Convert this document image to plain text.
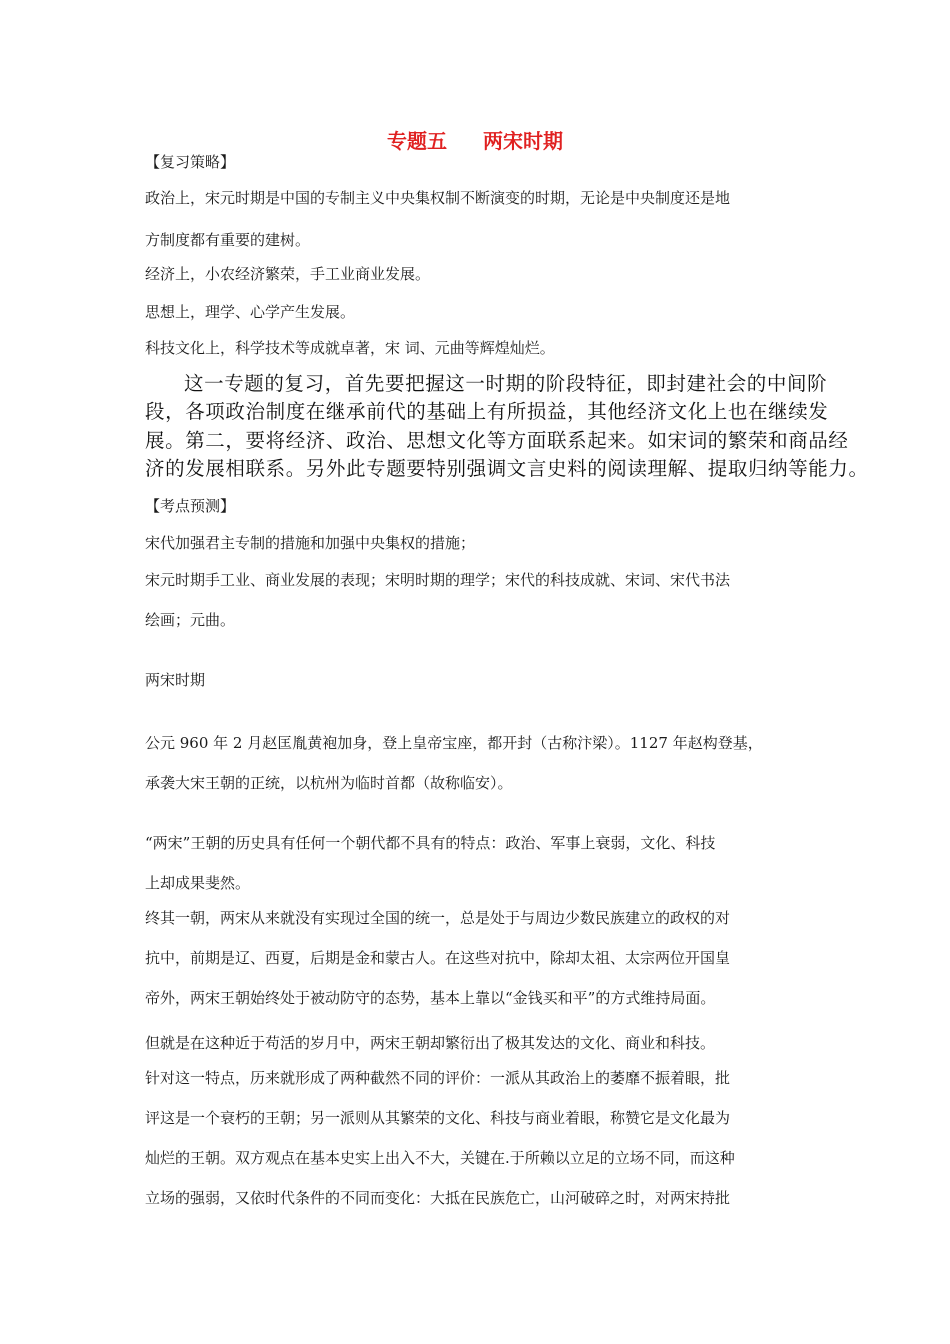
专题五 两宋时期
【复习策略】
政治上，宋元时期是中国的专制主义中央集权制不断演变的时期，无论是中央制度还是地
方制度都有重要的建树。
经济上，小农经济繁荣，手工业商业发展。
思想上，理学、心学产生发展。
科技文化上，科学技术等成就卓著，宋 词、元曲等辉煌灿烂。

这一专题的复习，首先要把握这一时期的阶段特征，即封建社会的中间阶

段，各项政治制度在继承前代的基础上有所损益，其他经济文化上也在继续发

展。第二，要将经济、政治、思想文化等方面联系起来。如宋词的繁荣和商品经

济的发展相联系。另外此专题要特别强调文言史料的阅读理解、提取归纳等能力。

【考点预测】
宋代加强君主专制的措施和加强中央集权的措施；
宋元时期手工业、商业发展的表现；宋明时期的理学；宋代的科技成就、宋词、宋代书法
绘画；元曲。
两宋时期
公元 960 年 2 月赵匡胤黄袍加身，登上皇帝宝座，都开封（古称汴梁）。1127 年赵构登基，
承袭大宋王朝的正统，以杭州为临时首都（故称临安）。
“两宋”王朝的历史具有任何一个朝代都不具有的特点：政治、军事上衰弱，文化、科技
上却成果斐然。
终其一朝，两宋从来就没有实现过全国的统一，总是处于与周边少数民族建立的政权的对
抗中，前期是辽、西夏，后期是金和蒙古人。在这些对抗中，除却太祖、太宗两位开国皇
帝外，两宋王朝始终处于被动防守的态势，基本上靠以“金钱买和平”的方式维持局面。
但就是在这种近于苟活的岁月中，两宋王朝却繁衍出了极其发达的文化、商业和科技。
针对这一特点，历来就形成了两种截然不同的评价：一派从其政治上的萎靡不振着眼，批
评这是一个衰朽的王朝；另一派则从其繁荣的文化、科技与商业着眼，称赞它是文化最为
灿烂的王朝。双方观点在基本史实上出入不大，关键在.于所赖以立足的立场不同，而这种
立场的强弱，又依时代条件的不同而变化：大抵在民族危亡，山河破碎之时，对两宋持批
